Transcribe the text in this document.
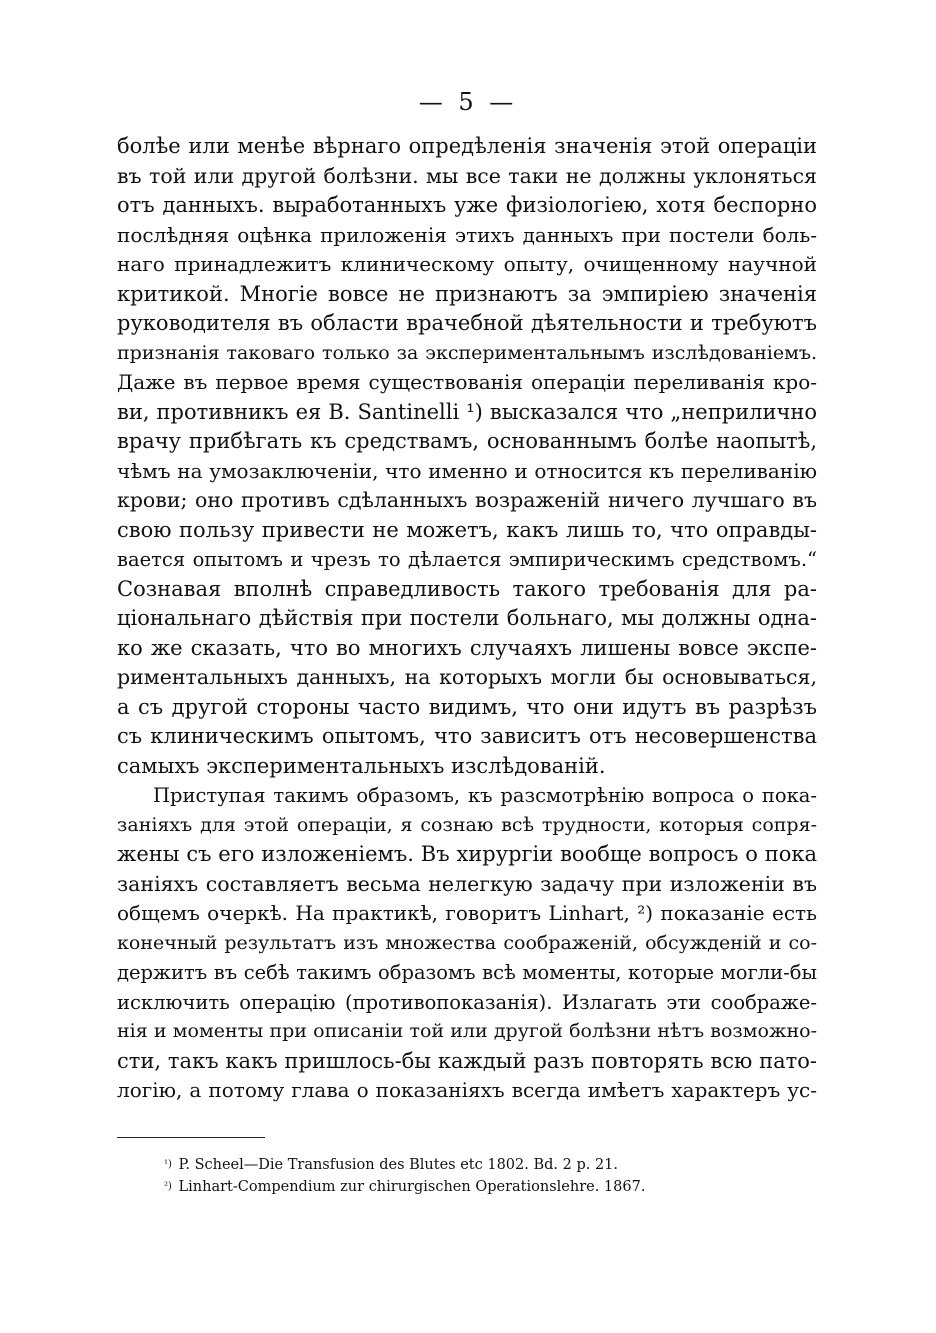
— 5 —
болѣе или менѣе вѣрнаго опредѣленія значенія этой операціи
въ той или другой болѣзни. мы все таки не должны уклоняться
отъ данныхъ. выработанныхъ уже физіологіею, хотя беспорно
послѣдняя оцѣнка приложенія этихъ данныхъ при постели боль-
наго принадлежитъ клиническому опыту, очищенному научной
критикой. Многіе вовсе не признаютъ за эмпиріею значенія
руководителя въ области врачебной дѣятельности и требуютъ
признанія таковаго только за экспериментальнымъ изслѣдованіемъ.
Даже въ первое время существованія операціи переливанія кро-
ви, противникъ ея B. Santinelli ¹) высказался что „неприлично
врачу прибѣгать къ средствамъ, основаннымъ болѣе наопытѣ,
чѣмъ на умозаключеніи, что именно и относится къ переливанію
крови; оно противъ сдѣланныхъ возраженій ничего лучшаго въ
свою пользу привести не можетъ, какъ лишь то, что оправды-
вается опытомъ и чрезъ то дѣлается эмпирическимъ средствомъ.“
Сознавая вполнѣ справедливость такого требованія для ра-
ціональнаго дѣйствія при постели больнаго, мы должны одна-
ко же сказать, что во многихъ случаяхъ лишены вовсе экспе-
риментальныхъ данныхъ, на которыхъ могли бы основываться,
а съ другой стороны часто видимъ, что они идутъ въ разрѣзъ
съ клиническимъ опытомъ, что зависитъ отъ несовершенства
самыхъ экспериментальныхъ изслѣдованій.
Приступая такимъ образомъ, къ разсмотрѣнію вопроса о пока-
заніяхъ для этой операціи, я сознаю всѣ трудности, которыя сопря-
жены съ его изложеніемъ. Въ хирургіи вообще вопросъ о пока
заніяхъ составляетъ весьма нелегкую задачу при изложеніи въ
общемъ очеркѣ. На практикѣ, говоритъ Linhart, ²) показаніе есть
конечный результатъ изъ множества соображеній, обсужденій и со-
держитъ въ себѣ такимъ образомъ всѣ моменты, которые могли-бы
исключить операцію (противопоказанія). Излагать эти соображе-
нія и моменты при описаніи той или другой болѣзни нѣтъ возможно-
сти, такъ какъ пришлось-бы каждый разъ повторять всю пато-
логію, а потому глава о показаніяхъ всегда имѣетъ характеръ ус-
$^{^1)}$ P. Scheel—Die Transfusion des Blutes etc 1802. Bd. 2 p. 21.
$^{^2)}$ Linhart-Compendium zur chirurgischen Operationslehre. 1867.
